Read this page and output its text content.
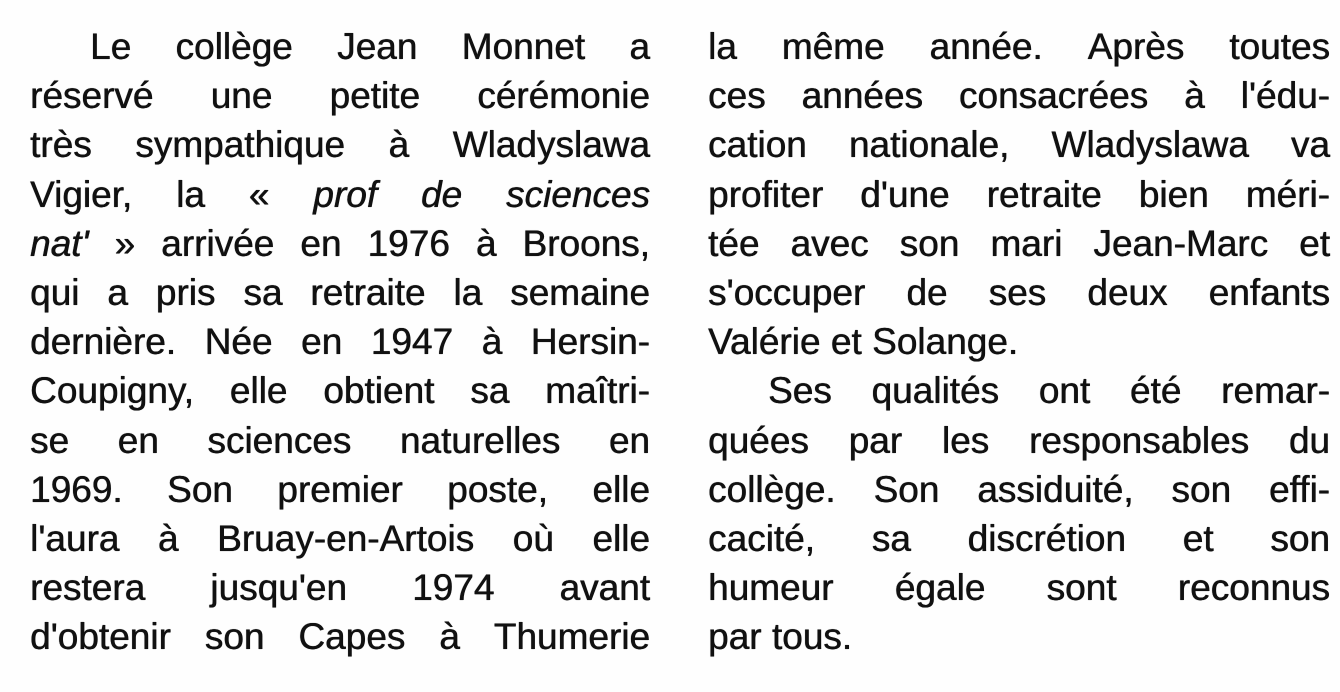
Le collège Jean Monnet a
réservé une petite cérémonie
très sympathique à Wladyslawa
Vigier, la « prof de sciences
nat' » arrivée en 1976 à Broons,
qui a pris sa retraite la semaine
dernière. Née en 1947 à Hersin-
Coupigny, elle obtient sa maîtri-
se en sciences naturelles en
1969. Son premier poste, elle
l'aura à Bruay-en-Artois où elle
restera jusqu'en 1974 avant
d'obtenir son Capes à Thumerie
la même année. Après toutes
ces années consacrées à l'édu-
cation nationale, Wladyslawa va
profiter d'une retraite bien méri-
tée avec son mari Jean-Marc et
s'occuper de ses deux enfants
Valérie et Solange.
Ses qualités ont été remar-
quées par les responsables du
collège. Son assiduité, son effi-
cacité, sa discrétion et son
humeur égale sont reconnus
par tous.
